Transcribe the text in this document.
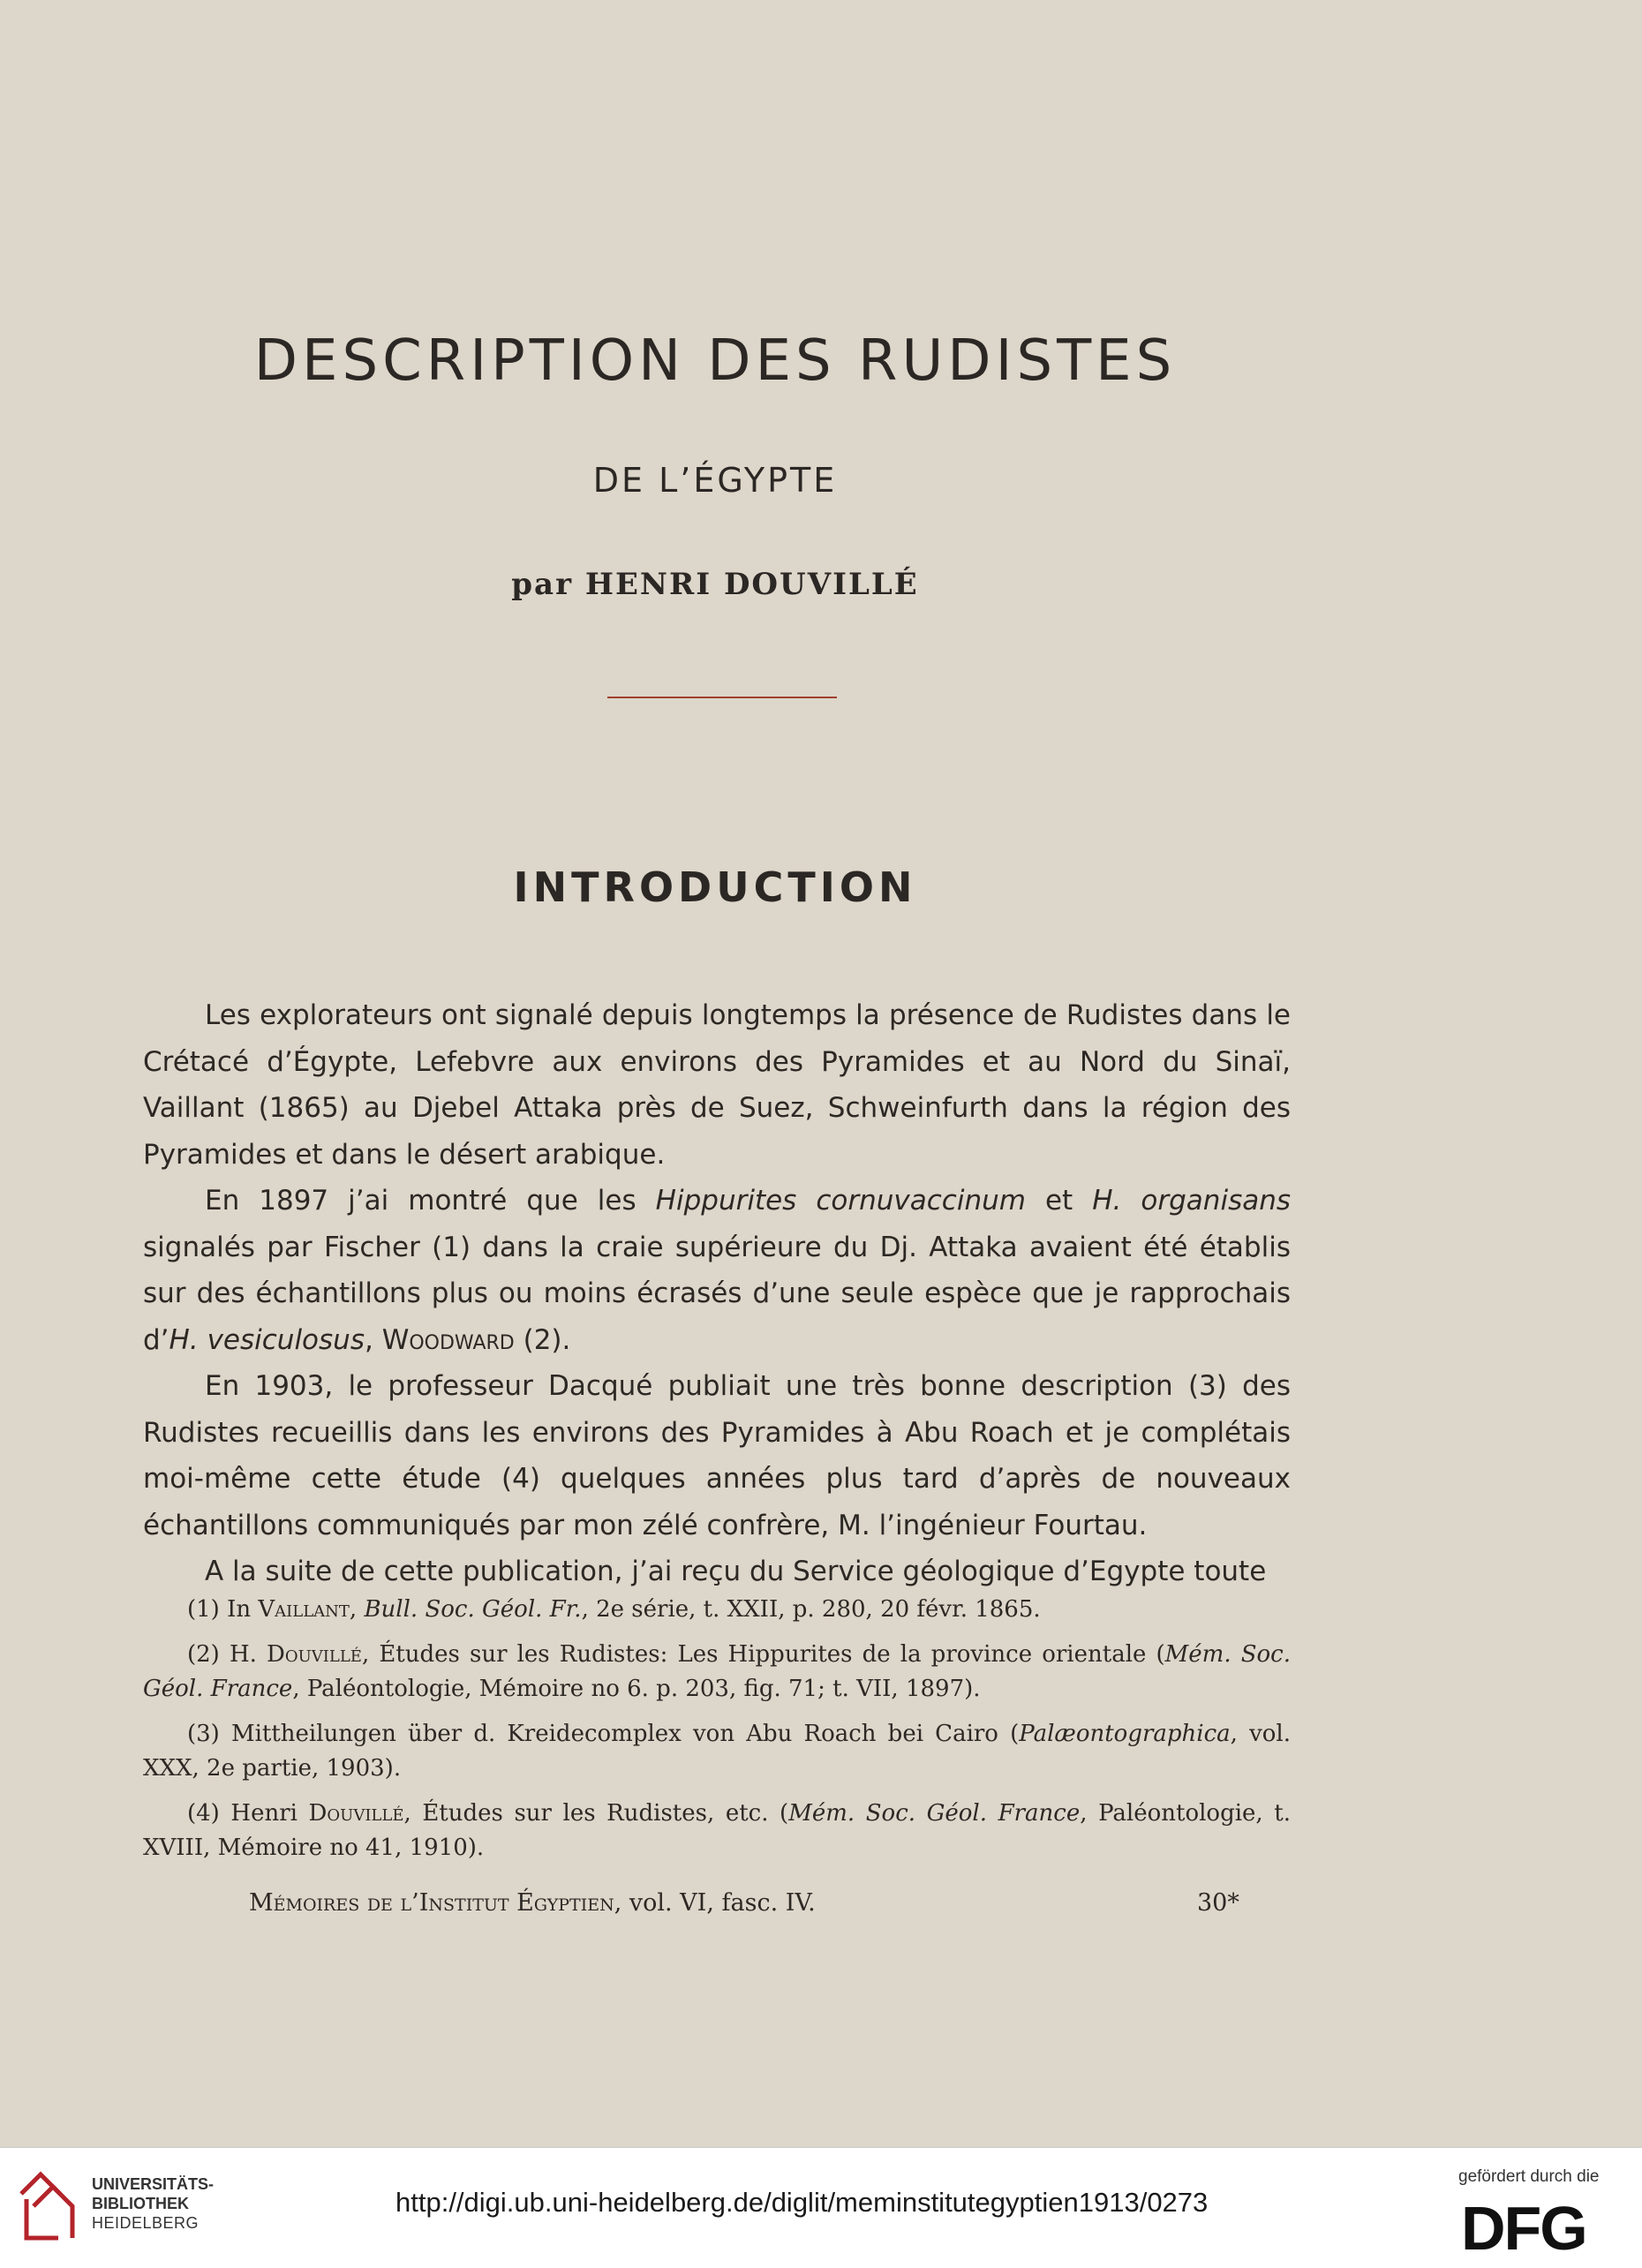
DESCRIPTION DES RUDISTES
DE L’ÉGYPTE
par HENRI DOUVILLÉ
INTRODUCTION

Les explorateurs ont signalé depuis longtemps la présence de Rudistes dans le Crétacé d’Égypte, Lefebvre aux environs des Pyramides et au Nord du Sinaï, Vaillant (1865) au Djebel Attaka près de Suez, Schweinfurth dans la région des Pyramides et dans le désert arabique.

En 1897 j’ai montré que les Hippurites cornuvaccinum et H. organisans signalés par Fischer (1) dans la craie supérieure du Dj. Attaka avaient été établis sur des échantillons plus ou moins écrasés d’une seule espèce que je rapprochais d’H. vesiculosus, Woodward (2).

En 1903, le professeur Dacqué publiait une très bonne description (3) des Rudistes recueillis dans les environs des Pyramides à Abu Roach et je complétais moi-même cette étude (4) quelques années plus tard d’après de nouveaux échantillons communiqués par mon zélé confrère, M. l’ingénieur Fourtau.

A la suite de cette publication, j’ai reçu du Service géologique d’Egypte toute

(1) In Vaillant, Bull. Soc. Géol. Fr., 2e série, t. XXII, p. 280, 20 févr. 1865.

(2) H. Douvillé, Études sur les Rudistes: Les Hippurites de la province orientale (Mém. Soc. Géol. France, Paléontologie, Mémoire no 6. p. 203, fig. 71; t. VII, 1897).

(3) Mittheilungen über d. Kreidecomplex von Abu Roach bei Cairo (Palæontographica, vol. XXX, 2e partie, 1903).

(4) Henri Douvillé, Études sur les Rudistes, etc. (Mém. Soc. Géol. France, Paléontologie, t. XVIII, Mémoire no 41, 1910).

Mémoires de l’Institut Égyptien, vol. VI, fasc. IV.	30*
UNIVERSITÄTS-
BIBLIOTHEK
HEIDELBERG
http://digi.ub.uni-heidelberg.de/diglit/meminstitutegyptien1913/0273
gefördert durch die
DFG
